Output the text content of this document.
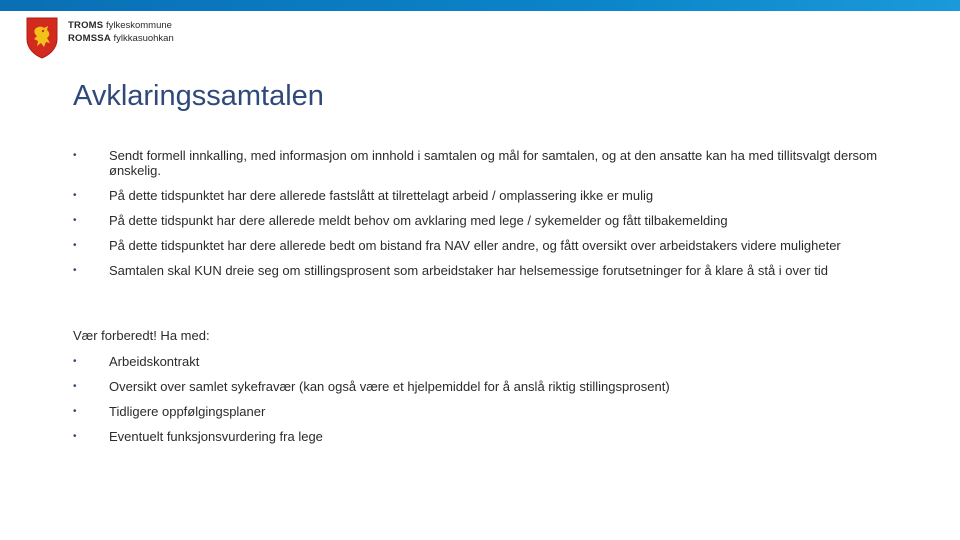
TROMS fylkeskommune
ROMSSA fylkkasuohkan
Avklaringssamtalen
• Sendt formell innkalling, med informasjon om innhold i samtalen og mål for samtalen, og at den ansatte kan ha med tillitsvalgt dersom ønskelig.
• På dette tidspunktet har dere allerede fastslått at tilrettelagt arbeid / omplassering ikke er mulig
• På dette tidspunkt har dere allerede meldt behov om avklaring med lege / sykemelder og fått tilbakemelding
• På dette tidspunktet har dere allerede bedt om bistand fra NAV eller andre, og fått oversikt over arbeidstakers videre muligheter
• Samtalen skal KUN dreie seg om stillingsprosent som arbeidstaker har helsemessige forutsetninger for å klare å stå i over tid
Vær forberedt! Ha med:
• Arbeidskontrakt
• Oversikt over samlet sykefravær (kan også være et hjelpemiddel for å anslå riktig stillingsprosent)
• Tidligere oppfølgingsplaner
• Eventuelt funksjonsvurdering fra lege
